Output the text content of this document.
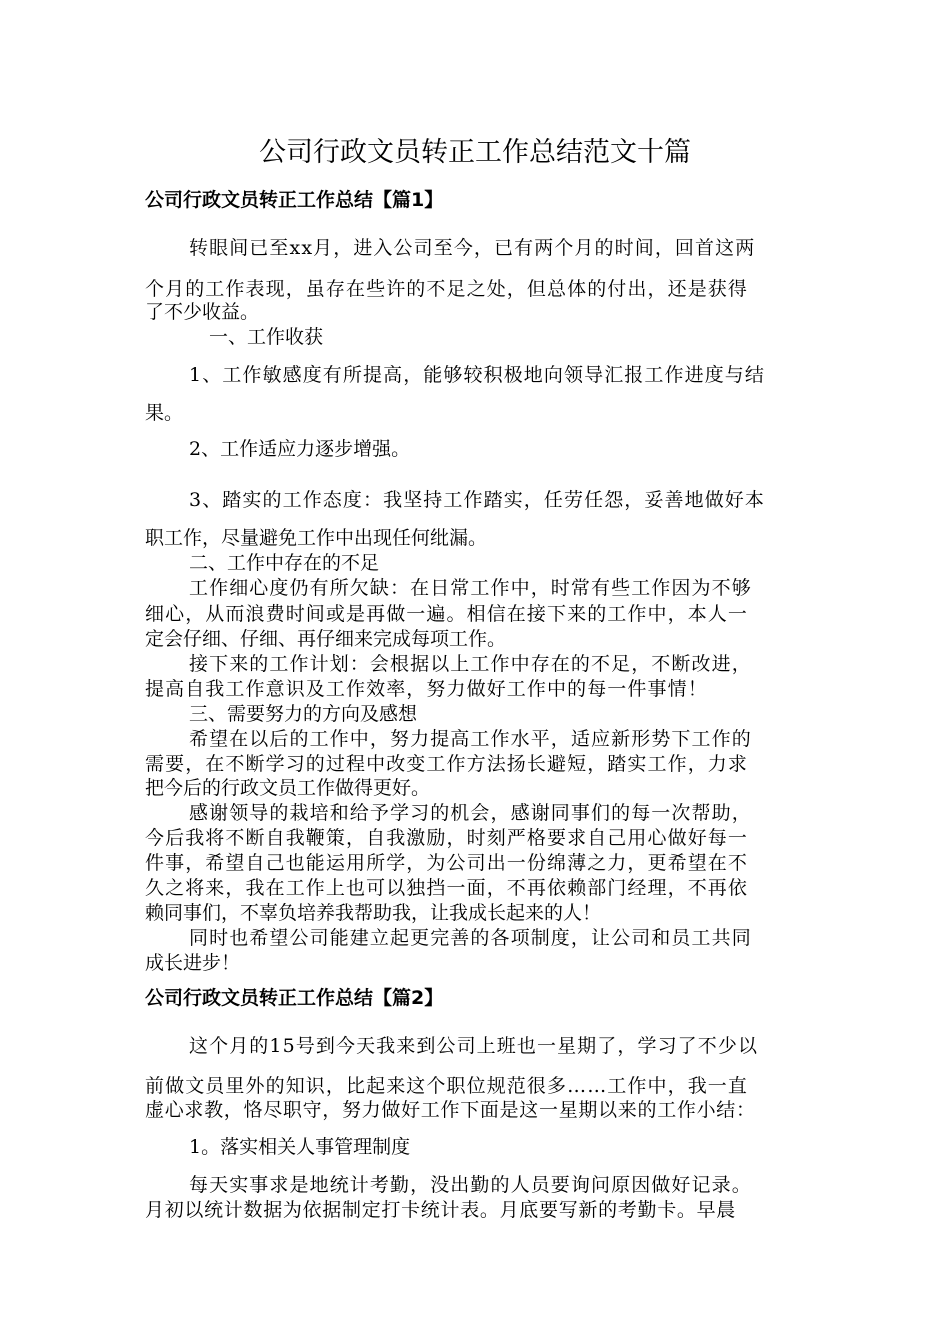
公司行政文员转正工作总结范文十篇
公司行政文员转正工作总结【篇1】
转眼间已至xx月，进入公司至今，已有两个月的时间，回首这两
个月的工作表现，虽存在些许的不足之处，但总体的付出，还是获得
了不少收益。
一、工作收获
1、工作敏感度有所提高，能够较积极地向领导汇报工作进度与结
果。
2、工作适应力逐步增强。
3、踏实的工作态度：我坚持工作踏实，任劳任怨，妥善地做好本
职工作，尽量避免工作中出现任何纰漏。
二、工作中存在的不足
工作细心度仍有所欠缺：在日常工作中，时常有些工作因为不够
细心，从而浪费时间或是再做一遍。相信在接下来的工作中，本人一
定会仔细、仔细、再仔细来完成每项工作。
接下来的工作计划：会根据以上工作中存在的不足，不断改进，
提高自我工作意识及工作效率，努力做好工作中的每一件事情！
三、需要努力的方向及感想
希望在以后的工作中，努力提高工作水平，适应新形势下工作的
需要，在不断学习的过程中改变工作方法扬长避短，踏实工作，力求
把今后的行政文员工作做得更好。
感谢领导的栽培和给予学习的机会，感谢同事们的每一次帮助，
今后我将不断自我鞭策，自我激励，时刻严格要求自己用心做好每一
件事，希望自己也能运用所学，为公司出一份绵薄之力，更希望在不
久之将来，我在工作上也可以独挡一面，不再依赖部门经理，不再依
赖同事们，不辜负培养我帮助我，让我成长起来的人！
同时也希望公司能建立起更完善的各项制度，让公司和员工共同
成长进步！
公司行政文员转正工作总结【篇2】
这个月的15号到今天我来到公司上班也一星期了，学习了不少以
前做文员里外的知识，比起来这个职位规范很多……工作中，我一直
虚心求教，恪尽职守，努力做好工作下面是这一星期以来的工作小结：
1。落实相关人事管理制度
每天实事求是地统计考勤，没出勤的人员要询问原因做好记录。
月初以统计数据为依据制定打卡统计表。月底要写新的考勤卡。早晨
